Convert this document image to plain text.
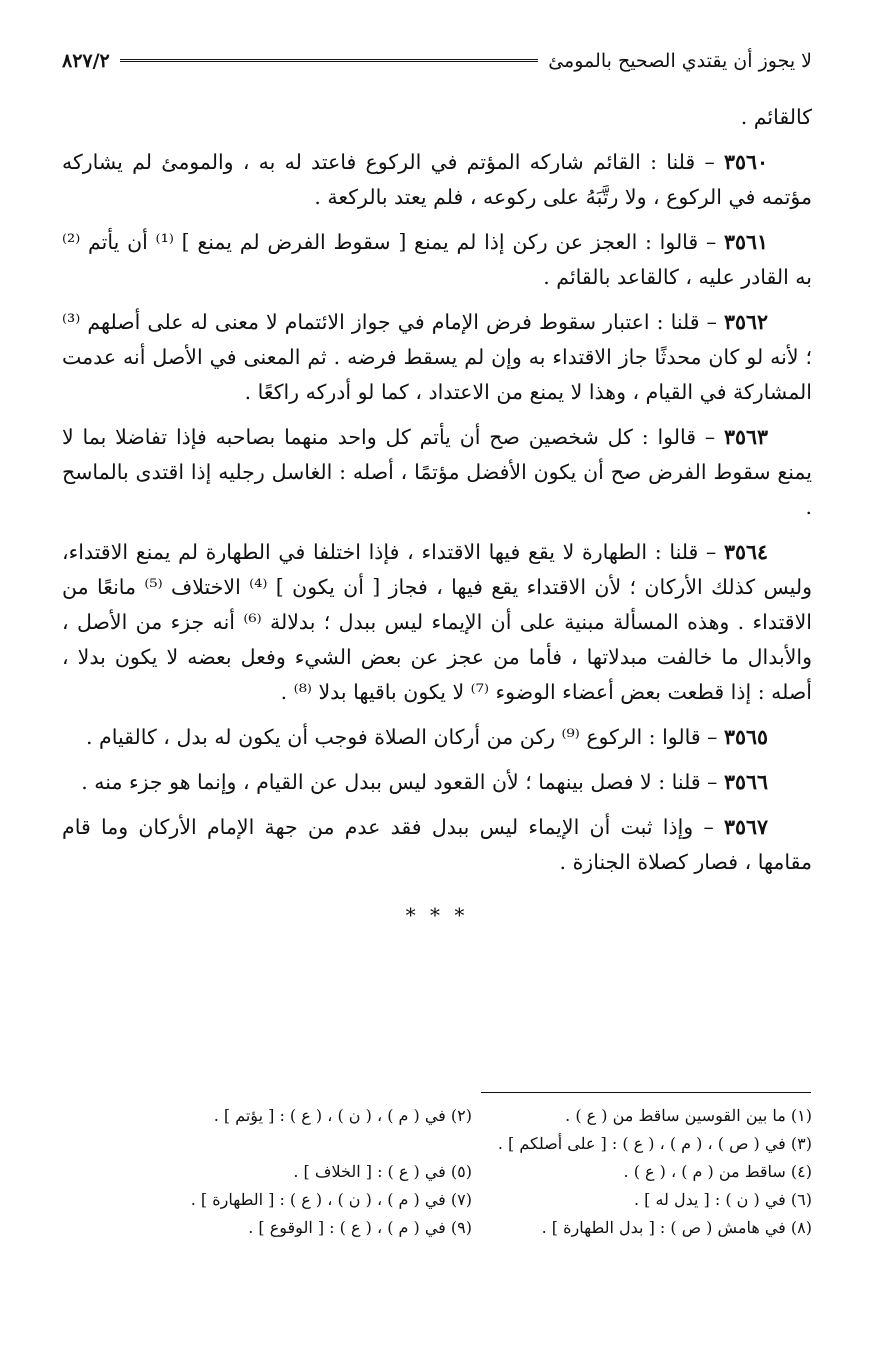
لا يجوز أن يقتدي الصحيح بالمومئ
٨٢٧/٢

كالقائم .

٣٥٦٠ – قلنا : القائم شاركه المؤتم في الركوع فاعتد له به ، والمومئ لم يشاركه مؤتمه في الركوع ، ولا رتَّبَهُ على ركوعه ، فلم يعتد بالركعة .

٣٥٦١ – قالوا : العجز عن ركن إذا لم يمنع [ سقوط الفرض لم يمنع ] ⁽¹⁾ أن يأتم ⁽²⁾ به القادر عليه ، كالقاعد بالقائم .

٣٥٦٢ – قلنا : اعتبار سقوط فرض الإمام في جواز الائتمام لا معنى له على أصلهم ⁽³⁾ ؛ لأنه لو كان محدثًا جاز الاقتداء به وإن لم يسقط فرضه . ثم المعنى في الأصل أنه عدمت المشاركة في القيام ، وهذا لا يمنع من الاعتداد ، كما لو أدركه راكعًا .

٣٥٦٣ – قالوا : كل شخصين صح أن يأتم كل واحد منهما بصاحبه فإذا تفاضلا بما لا يمنع سقوط الفرض صح أن يكون الأفضل مؤتمًا ، أصله : الغاسل رجليه إذا اقتدى بالماسح .

٣٥٦٤ – قلنا : الطهارة لا يقع فيها الاقتداء ، فإذا اختلفا في الطهارة لم يمنع الاقتداء، وليس كذلك الأركان ؛ لأن الاقتداء يقع فيها ، فجاز [ أن يكون ] ⁽⁴⁾ الاختلاف ⁽⁵⁾ مانعًا من الاقتداء . وهذه المسألة مبنية على أن الإيماء ليس ببدل ؛ بدلالة ⁽⁶⁾ أنه جزء من الأصل ، والأبدال ما خالفت مبدلاتها ، فأما من عجز عن بعض الشيء وفعل بعضه لا يكون بدلا ، أصله : إذا قطعت بعض أعضاء الوضوء ⁽⁷⁾ لا يكون باقيها بدلا ⁽⁸⁾ .

٣٥٦٥ – قالوا : الركوع ⁽⁹⁾ ركن من أركان الصلاة فوجب أن يكون له بدل ، كالقيام .

٣٥٦٦ – قلنا : لا فصل بينهما ؛ لأن القعود ليس ببدل عن القيام ، وإنما هو جزء منه .

٣٥٦٧ – وإذا ثبت أن الإيماء ليس ببدل فقد عدم من جهة الإمام الأركان وما قام مقامها ، فصار كصلاة الجنازة .

* * *
(١) ما بين القوسين ساقط من ( ع ) .
(٢) في ( م ) ، ( ن ) ، ( ع ) : [ يؤتم ] .
(٣) في ( ص ) ، ( م ) ، ( ع ) : [ على أصلكم ] .
(٤) ساقط من ( م ) ، ( ع ) .
(٥) في ( ع ) : [ الخلاف ] .
(٦) في ( ن ) : [ يدل له ] .
(٧) في ( م ) ، ( ن ) ، ( ع ) : [ الطهارة ] .
(٨) في هامش ( ص ) : [ بدل الطهارة ] .
(٩) في ( م ) ، ( ع ) : [ الوقوع ] .
